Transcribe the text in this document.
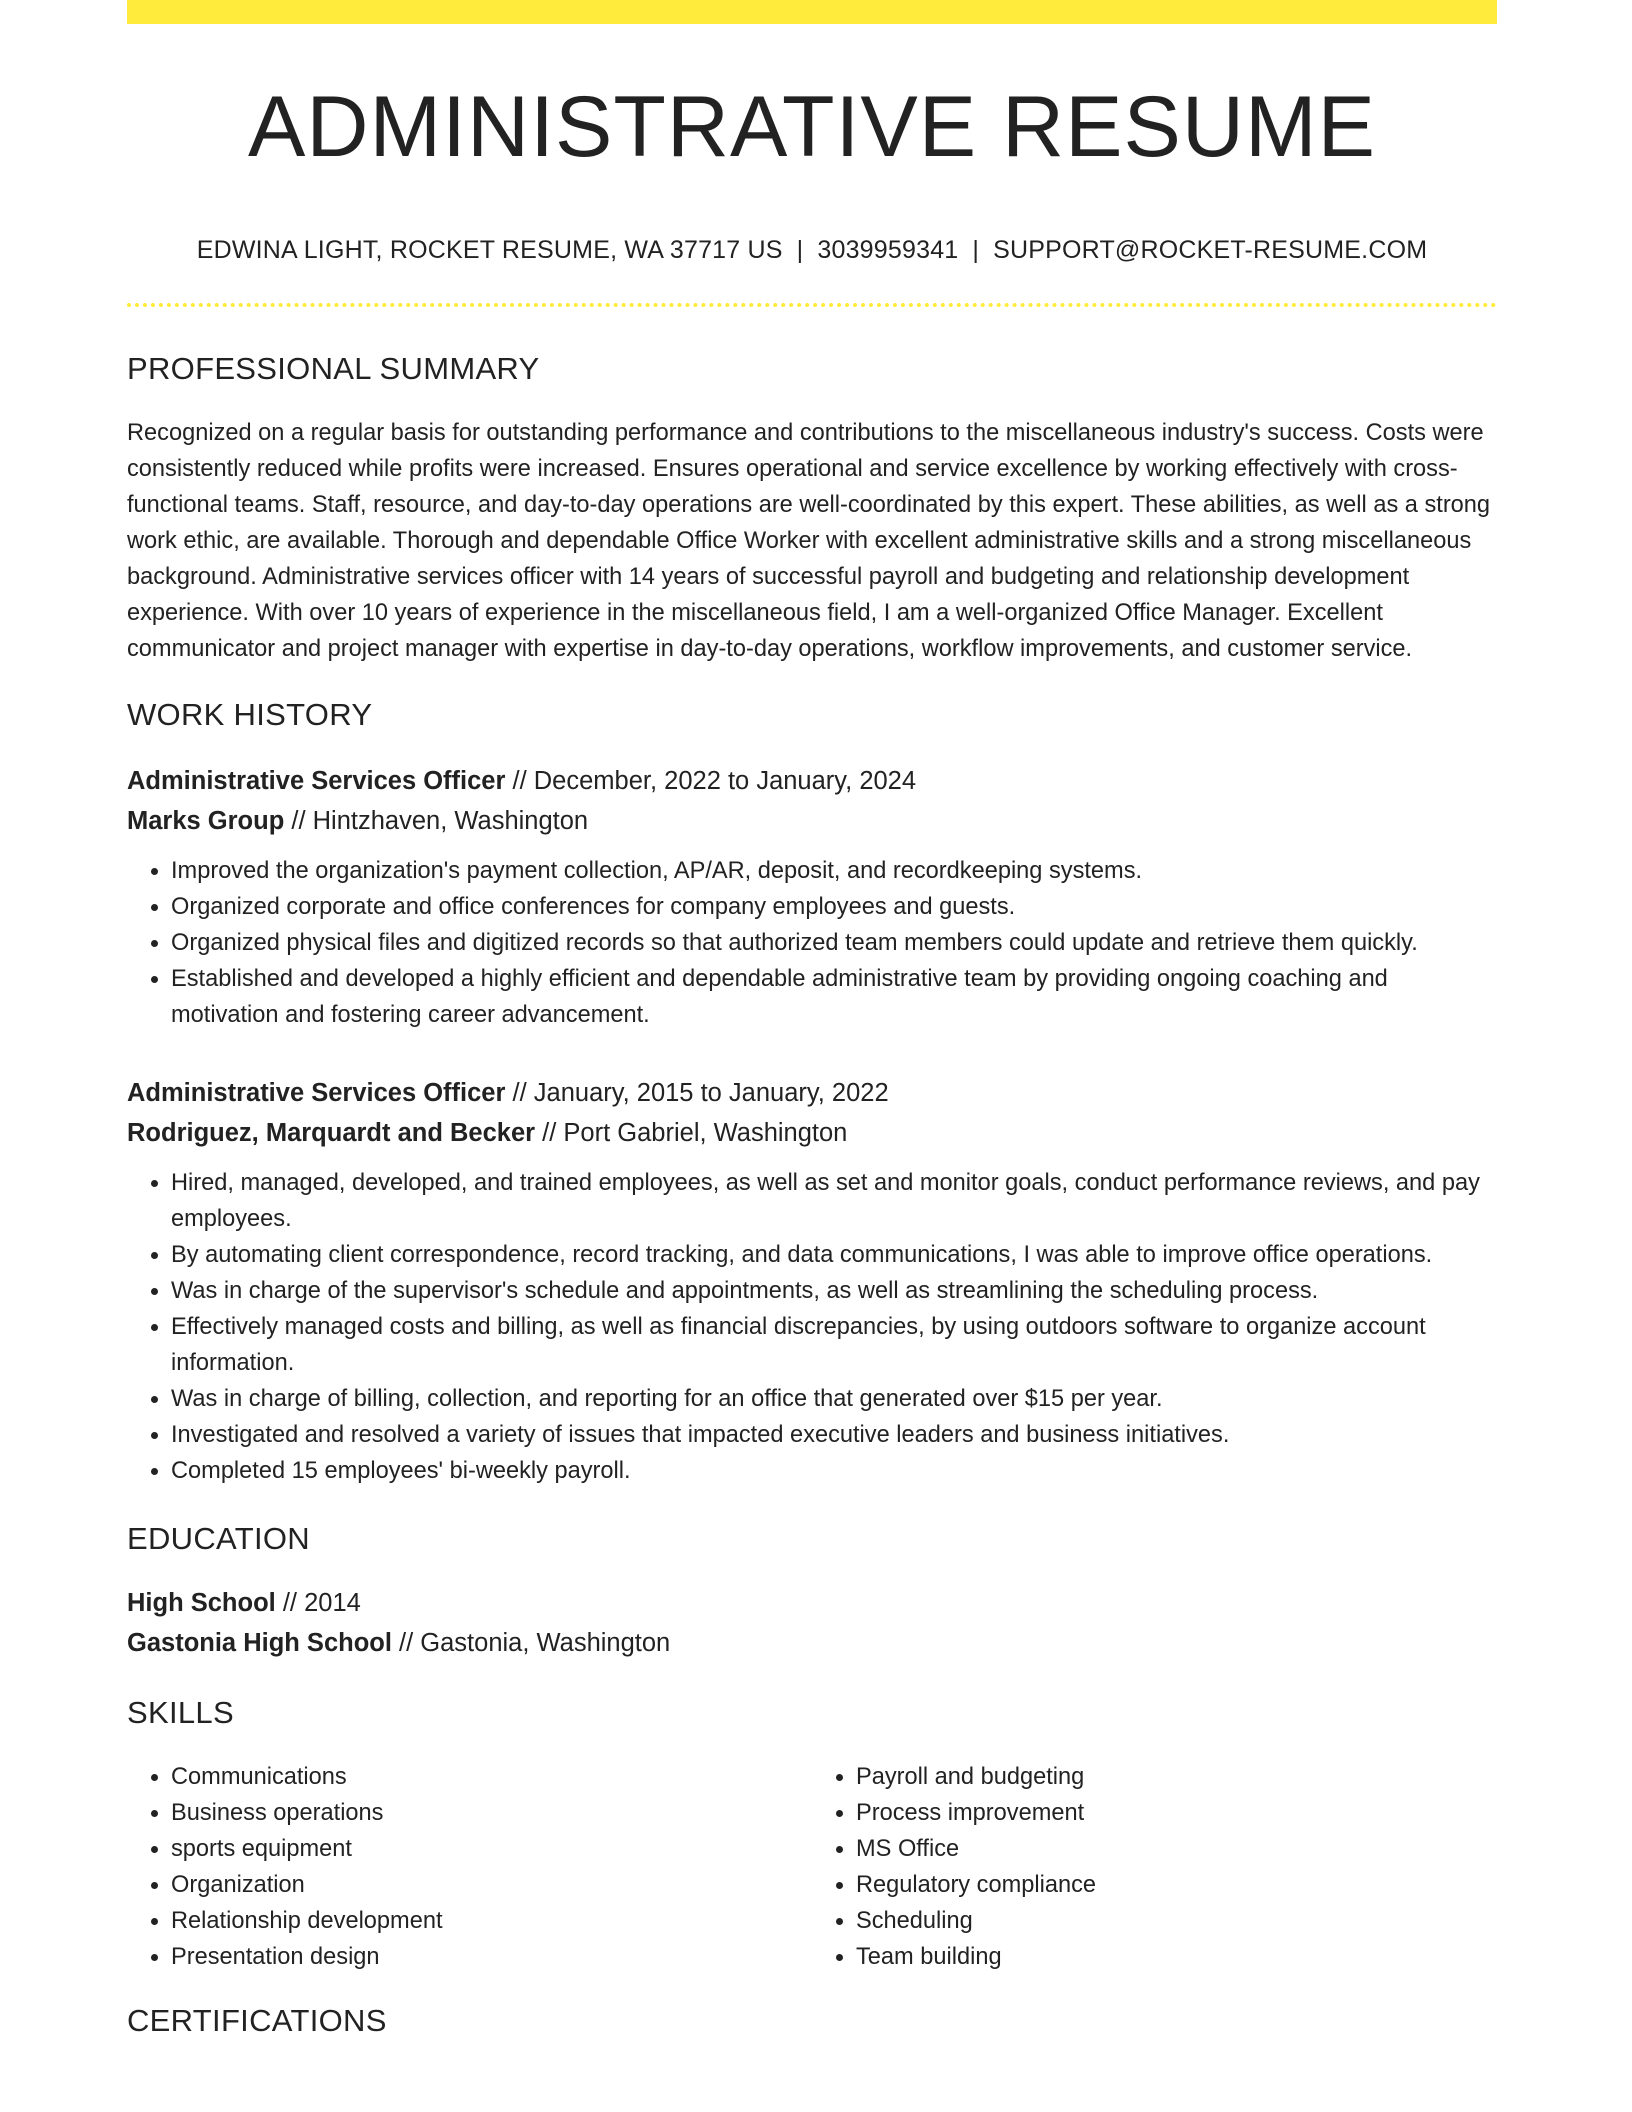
ADMINISTRATIVE RESUME
EDWINA LIGHT, ROCKET RESUME, WA 37717 US | 3039959341 | SUPPORT@ROCKET-RESUME.COM
PROFESSIONAL SUMMARY
Recognized on a regular basis for outstanding performance and contributions to the miscellaneous industry's success. Costs were consistently reduced while profits were increased. Ensures operational and service excellence by working effectively with cross-functional teams. Staff, resource, and day-to-day operations are well-coordinated by this expert. These abilities, as well as a strong work ethic, are available. Thorough and dependable Office Worker with excellent administrative skills and a strong miscellaneous background. Administrative services officer with 14 years of successful payroll and budgeting and relationship development experience. With over 10 years of experience in the miscellaneous field, I am a well-organized Office Manager. Excellent communicator and project manager with expertise in day-to-day operations, workflow improvements, and customer service.
WORK HISTORY
Administrative Services Officer // December, 2022 to January, 2024
Marks Group // Hintzhaven, Washington
• Improved the organization's payment collection, AP/AR, deposit, and recordkeeping systems.
• Organized corporate and office conferences for company employees and guests.
• Organized physical files and digitized records so that authorized team members could update and retrieve them quickly.
• Established and developed a highly efficient and dependable administrative team by providing ongoing coaching and motivation and fostering career advancement.
Administrative Services Officer // January, 2015 to January, 2022
Rodriguez, Marquardt and Becker // Port Gabriel, Washington
• Hired, managed, developed, and trained employees, as well as set and monitor goals, conduct performance reviews, and pay employees.
• By automating client correspondence, record tracking, and data communications, I was able to improve office operations.
• Was in charge of the supervisor's schedule and appointments, as well as streamlining the scheduling process.
• Effectively managed costs and billing, as well as financial discrepancies, by using outdoors software to organize account information.
• Was in charge of billing, collection, and reporting for an office that generated over $15 per year.
• Investigated and resolved a variety of issues that impacted executive leaders and business initiatives.
• Completed 15 employees' bi-weekly payroll.
EDUCATION
High School // 2014
Gastonia High School // Gastonia, Washington
SKILLS
• Communications
• Business operations
• sports equipment
• Organization
• Relationship development
• Presentation design
• Payroll and budgeting
• Process improvement
• MS Office
• Regulatory compliance
• Scheduling
• Team building
CERTIFICATIONS
